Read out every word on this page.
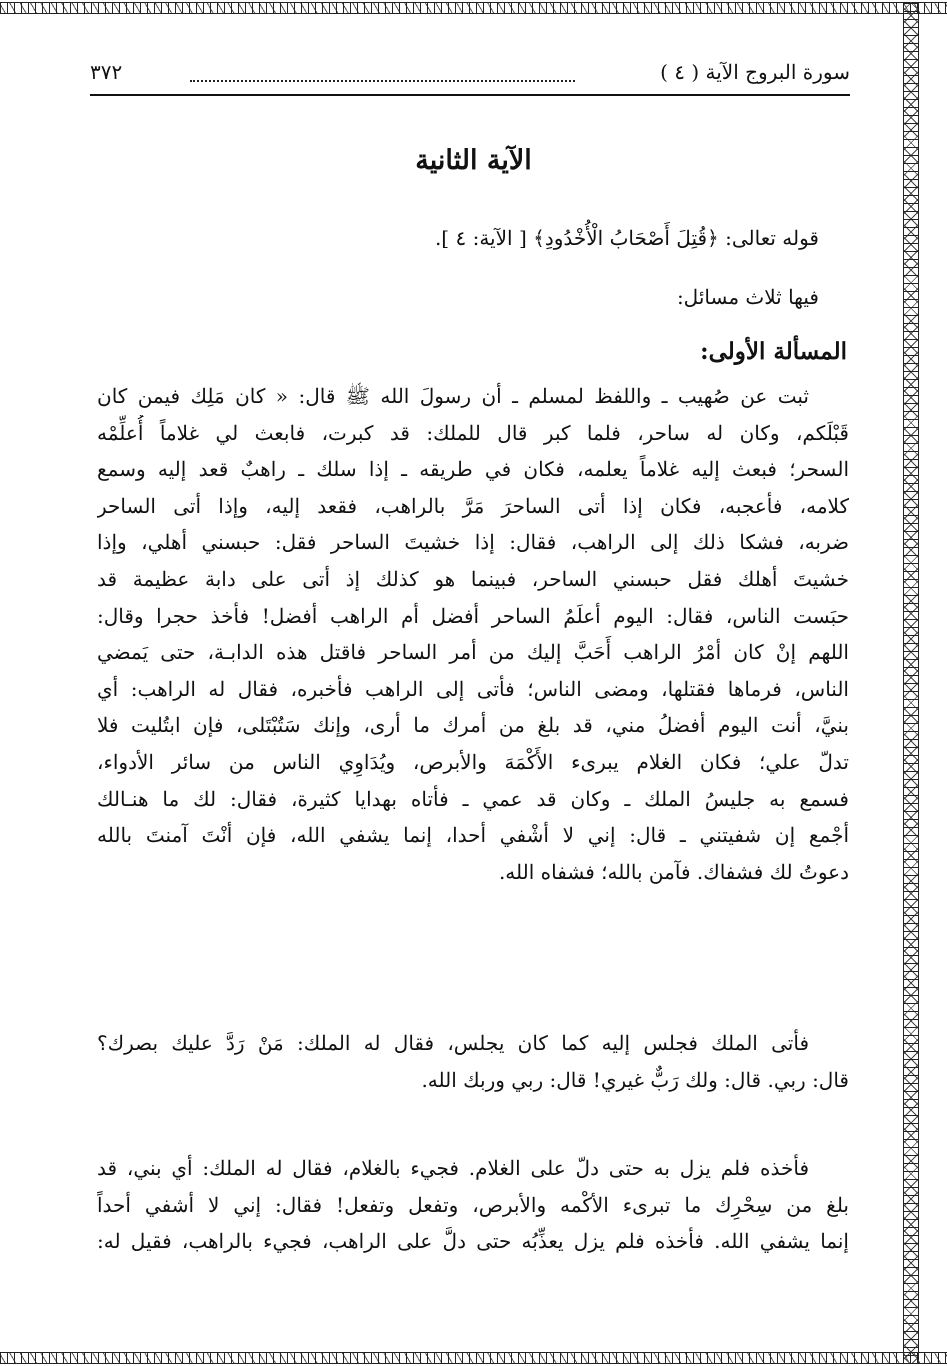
سورة البروج الآية ( ٤ )
٣٧٢
الآية الثانية
قوله تعالى: ﴿قُتِلَ أَصْحَابُ الْأُخْدُودِ﴾ [ الآية: ٤ ].
فيها ثلاث مسائل:
المسألة الأولى:
ثبت عن صُهيب ـ واللفظ لمسلم ـ أن رسولَ الله ﷺ قال: « كان مَلِك فيمن كان
قَبْلَكم، وكان له ساحر، فلما كبر قال للملك: قد كبرت، فابعث لي غلاماً أُعلِّمْه
السحر؛ فبعث إليه غلاماً يعلمه، فكان في طريقه ـ إذا سلك ـ راهبٌ قعد إليه وسمع
كلامه، فأعجبه، فكان إذا أتى الساحرَ مَرَّ بالراهب، فقعد إليه، وإذا أتى الساحر
ضربه، فشكا ذلك إلى الراهب، فقال: إذا خشيتَ الساحر فقل: حبسني أهلي، وإذا
خشيتَ أهلك فقل حبسني الساحر، فبينما هو كذلك إذ أتى على دابة عظيمة قد
حبَست الناس، فقال: اليوم أعلَمُ الساحر أفضل أم الراهب أفضل! فأخذ حجرا وقال:
اللهم إنْ كان أمْرُ الراهب أَحَبَّ إليك من أمر الساحر فاقتل هذه الدابـة، حتى يَمضي
الناس، فرماها فقتلها، ومضى الناس؛ فأتى إلى الراهب فأخبره، فقال له الراهب: أي
بنيَّ، أنت اليوم أفضلُ مني، قد بلغ من أمرك ما أرى، وإنك سَتُبْتَلى، فإن ابتُليت فلا
تدلّ علي؛ فكان الغلام يبرىء الأَكْمَهَ والأبرص، ويُدَاوِي الناس من سائر الأدواء،
فسمع به جليسُ الملك ـ وكان قد عمي ـ فأتاه بهدايا كثيرة، فقال: لك ما هنـالك
أجْمع إن شفيتني ـ قال: إني لا أشْفي أحدا، إنما يشفي الله، فإن أنْتَ آمنتَ بالله
دعوتُ لك فشفاك. فآمن بالله؛ فشفاه الله.
فأتى الملك فجلس إليه كما كان يجلس، فقال له الملك: مَنْ رَدَّ عليك بصرك؟
قال: ربي. قال: ولك رَبٌّ غيري! قال: ربي وربك الله.
فأخذه فلم يزل به حتى دلّ على الغلام. فجيء بالغلام، فقال له الملك: أي بني، قد
بلغ من سِحْرِك ما تبرىء الأكْمه والأبرص، وتفعل وتفعل! فقال: إني لا أشفي أحداً
إنما يشفي الله. فأخذه فلم يزل يعذِّبُه حتى دلَّ على الراهب، فجيء بالراهب، فقيل له:
